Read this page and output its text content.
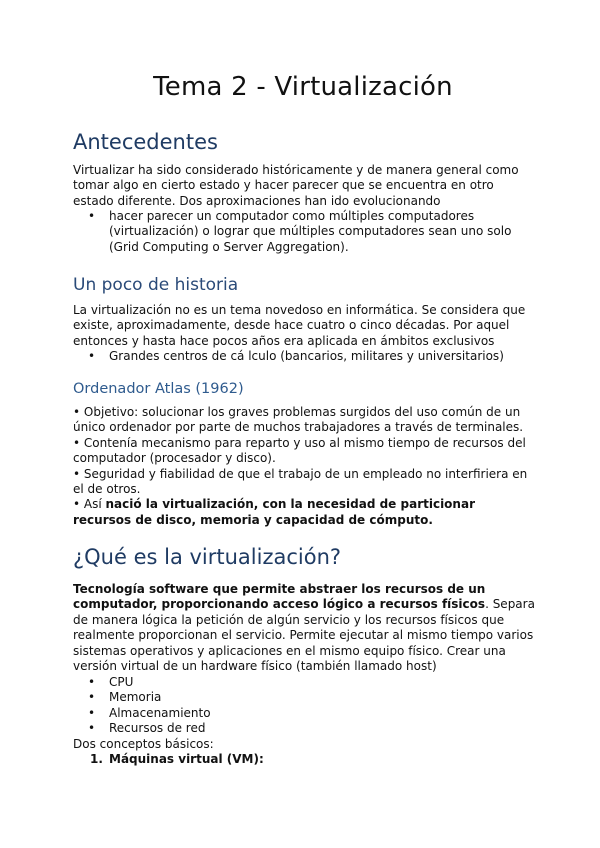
Tema 2 - Virtualización
Antecedentes

Virtualizar ha sido considerado históricamente y de manera general como tomar algo en cierto estado y hacer parecer que se encuentra en otro estado diferente. Dos aproximaciones han ido evolucionando

• hacer parecer un computador como múltiples computadores (virtualización) o lograr que múltiples computadores sean uno solo (Grid Computing o Server Aggregation).
Un poco de historia

La virtualización no es un tema novedoso en informática. Se considera que existe, aproximadamente, desde hace cuatro o cinco décadas. Por aquel entonces y hasta hace pocos años era aplicada en ámbitos exclusivos

• Grandes centros de cá lculo (bancarios, militares y universitarios)
Ordenador Atlas (1962)

• Objetivo: solucionar los graves problemas surgidos del uso común de un único ordenador por parte de muchos trabajadores a través de terminales.

• Contenía mecanismo para reparto y uso al mismo tiempo de recursos del computador (procesador y disco).

• Seguridad y fiabilidad de que el trabajo de un empleado no interfiriera en el de otros.

• Así nació la virtualización, con la necesidad de particionar recursos de disco, memoria y capacidad de cómputo.

¿Qué es la virtualización?

Tecnología software que permite abstraer los recursos de un computador, proporcionando acceso lógico a recursos físicos. Separa de manera lógica la petición de algún servicio y los recursos físicos que realmente proporcionan el servicio. Permite ejecutar al mismo tiempo varios sistemas operativos y aplicaciones en el mismo equipo físico. Crear una versión virtual de un hardware físico (también llamado host)

• CPU
• Memoria
• Almacenamiento
• Recursos de red

Dos conceptos básicos:

1. Máquinas virtual (VM):
